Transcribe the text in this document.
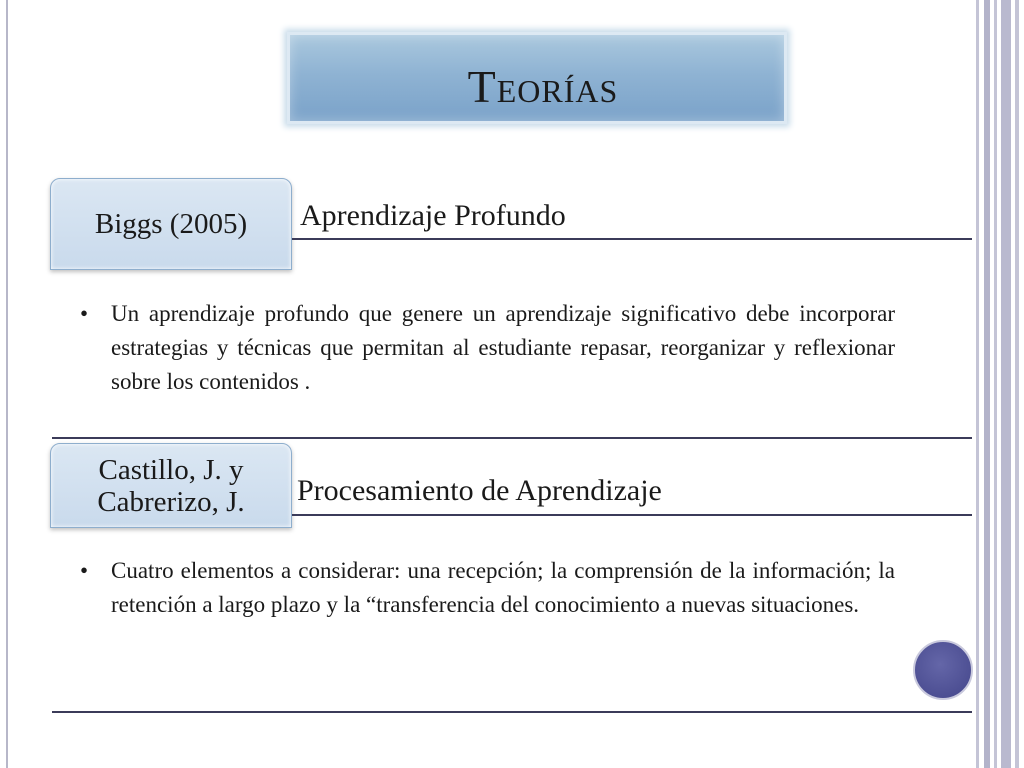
Teorías
Biggs (2005) Aprendizaje Profundo
• Un aprendizaje profundo que genere un aprendizaje significativo debe incorporar estrategias y técnicas que permitan al estudiante repasar, reorganizar y reflexionar sobre los contenidos .
Castillo, J. y
Cabrerizo, J. Procesamiento de Aprendizaje
• Cuatro elementos a considerar: una recepción; la comprensión de la información; la retención a largo plazo y la “transferencia del conocimiento a nuevas situaciones.
